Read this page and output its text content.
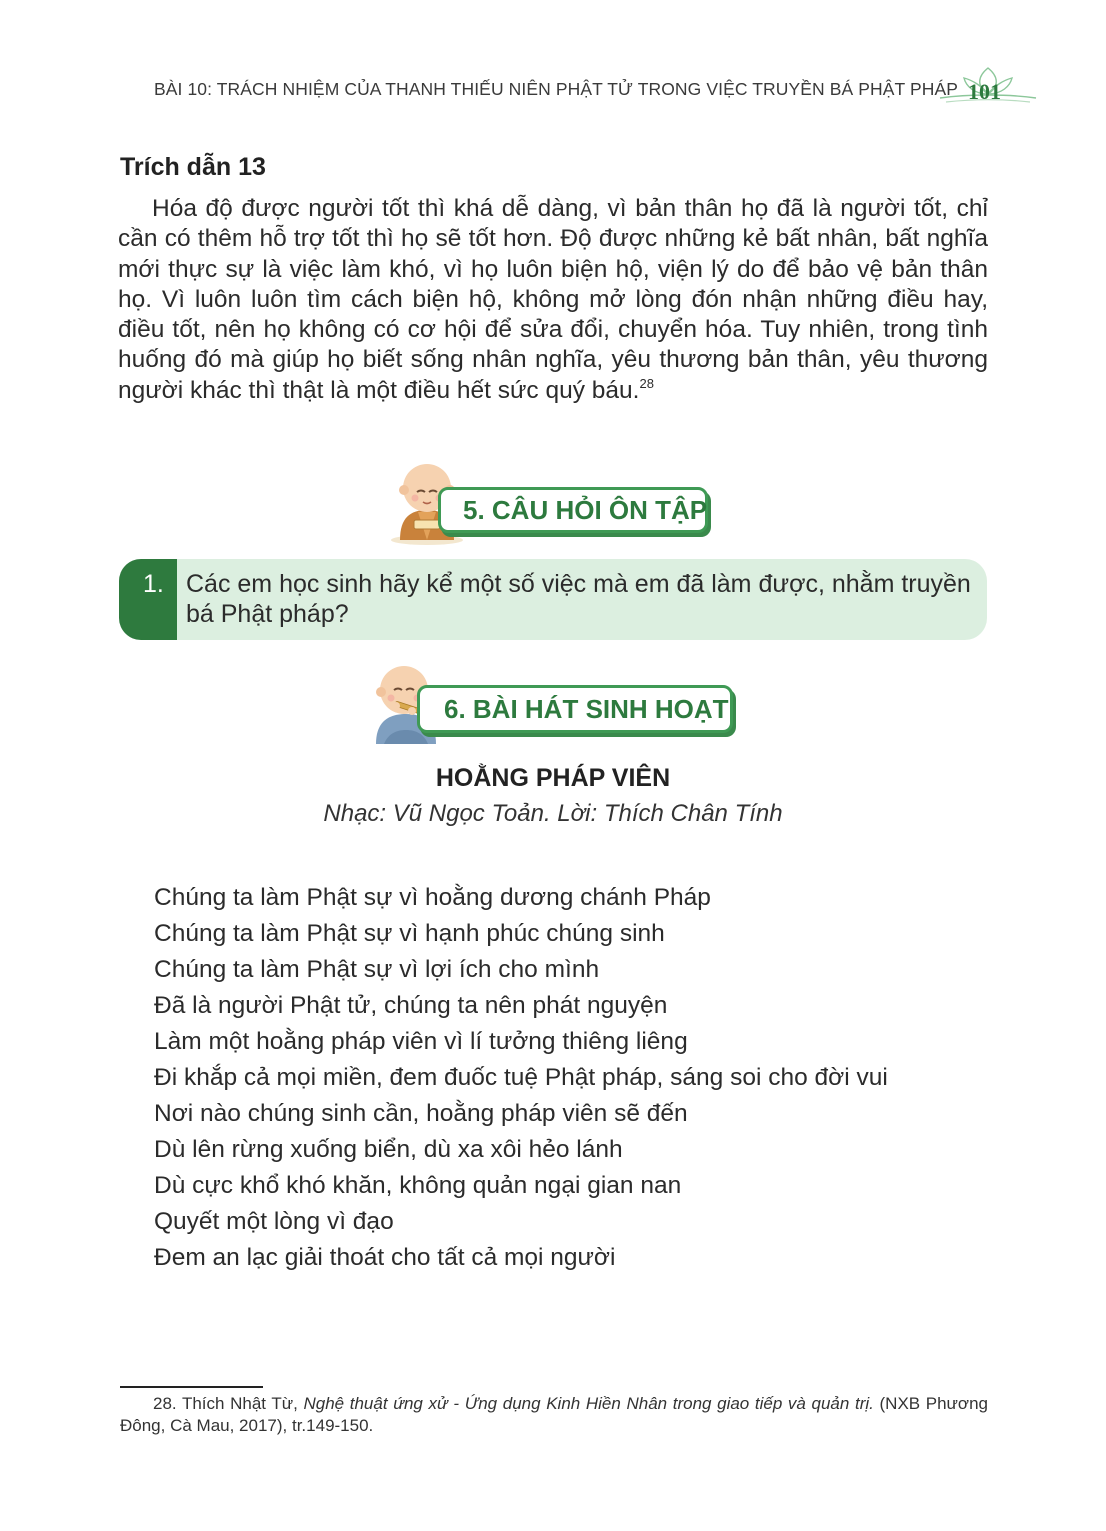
BÀI 10: TRÁCH NHIỆM CỦA THANH THIẾU NIÊN PHẬT TỬ TRONG VIỆC TRUYỀN BÁ PHẬT PHÁP 101
Trích dẫn 13
Hóa độ được người tốt thì khá dễ dàng, vì bản thân họ đã là người tốt, chỉ cần có thêm hỗ trợ tốt thì họ sẽ tốt hơn. Độ được những kẻ bất nhân, bất nghĩa mới thực sự là việc làm khó, vì họ luôn biện hộ, viện lý do để bảo vệ bản thân họ. Vì luôn luôn tìm cách biện hộ, không mở lòng đón nhận những điều hay, điều tốt, nên họ không có cơ hội để sửa đổi, chuyển hóa. Tuy nhiên, trong tình huống đó mà giúp họ biết sống nhân nghĩa, yêu thương bản thân, yêu thương người khác thì thật là một điều hết sức quý báu.$^{28}$
5. CÂU HỎI ÔN TẬP
1. Các em học sinh hãy kể một số việc mà em đã làm được, nhằm truyền bá Phật pháp?
6. BÀI HÁT SINH HOẠT
HOẰNG PHÁP VIÊN
Nhạc: Vũ Ngọc Toản. Lời: Thích Chân Tính
Chúng ta làm Phật sự vì hoằng dương chánh Pháp
Chúng ta làm Phật sự vì hạnh phúc chúng sinh
Chúng ta làm Phật sự vì lợi ích cho mình
Đã là người Phật tử, chúng ta nên phát nguyện
Làm một hoằng pháp viên vì lí tưởng thiêng liêng
Đi khắp cả mọi miền, đem đuốc tuệ Phật pháp, sáng soi cho đời vui
Nơi nào chúng sinh cần, hoằng pháp viên sẽ đến
Dù lên rừng xuống biển, dù xa xôi hẻo lánh
Dù cực khổ khó khăn, không quản ngại gian nan
Quyết một lòng vì đạo
Đem an lạc giải thoát cho tất cả mọi người
28. Thích Nhật Từ, Nghệ thuật ứng xử - Ứng dụng Kinh Hiền Nhân trong giao tiếp và quản trị. (NXB Phương Đông, Cà Mau, 2017), tr.149-150.
